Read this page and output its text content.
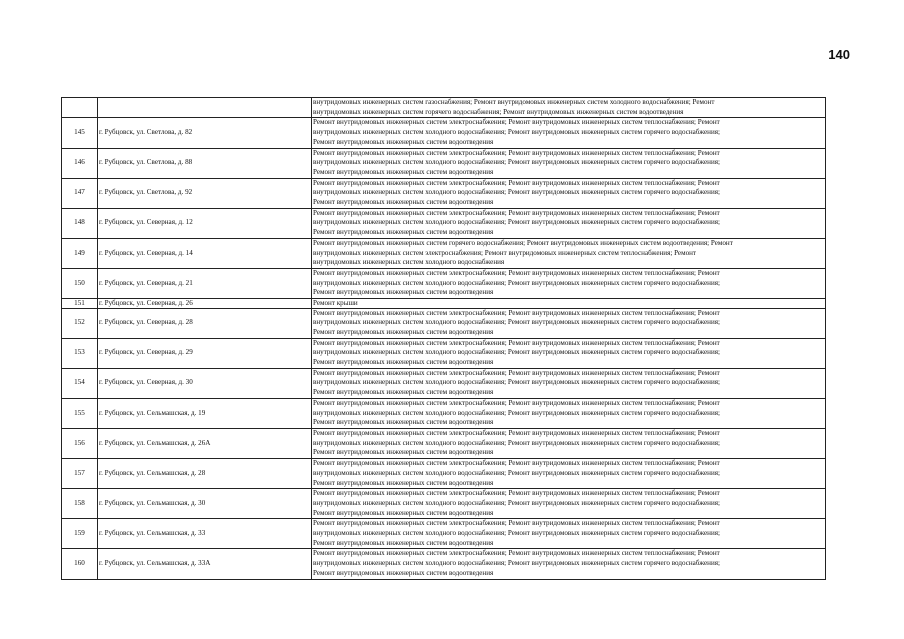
140

		внутридомовых инженерных систем газоснабжения; Ремонт внутридомовых инженерных систем холодного водоснабжения; Ремонт
внутридомовых инженерных систем горячего водоснабжения; Ремонт внутридомовых инженерных систем водоотведения

145	г. Рубцовск, ул. Светлова, д. 82	Ремонт внутридомовых инженерных систем электроснабжения; Ремонт внутридомовых инженерных систем теплоснабжения; Ремонт
внутридомовых инженерных систем холодного водоснабжения; Ремонт внутридомовых инженерных систем горячего водоснабжения;
Ремонт внутридомовых инженерных систем водоотведения

146	г. Рубцовск, ул. Светлова, д. 88	Ремонт внутридомовых инженерных систем электроснабжения; Ремонт внутридомовых инженерных систем теплоснабжения; Ремонт
внутридомовых инженерных систем холодного водоснабжения; Ремонт внутридомовых инженерных систем горячего водоснабжения;
Ремонт внутридомовых инженерных систем водоотведения

147	г. Рубцовск, ул. Светлова, д. 92	Ремонт внутридомовых инженерных систем электроснабжения; Ремонт внутридомовых инженерных систем теплоснабжения; Ремонт
внутридомовых инженерных систем холодного водоснабжения; Ремонт внутридомовых инженерных систем горячего водоснабжения;
Ремонт внутридомовых инженерных систем водоотведения

148	г. Рубцовск, ул. Северная, д. 12	Ремонт внутридомовых инженерных систем электроснабжения; Ремонт внутридомовых инженерных систем теплоснабжения; Ремонт
внутридомовых инженерных систем холодного водоснабжения; Ремонт внутридомовых инженерных систем горячего водоснабжения;
Ремонт внутридомовых инженерных систем водоотведения

149	г. Рубцовск, ул. Северная, д. 14	Ремонт внутридомовых инженерных систем горячего водоснабжения; Ремонт внутридомовых инженерных систем водоотведения; Ремонт
внутридомовых инженерных систем электроснабжения; Ремонт внутридомовых инженерных систем теплоснабжения; Ремонт
внутридомовых инженерных систем холодного водоснабжения

150	г. Рубцовск, ул. Северная, д. 21	Ремонт внутридомовых инженерных систем электроснабжения; Ремонт внутридомовых инженерных систем теплоснабжения; Ремонт
внутридомовых инженерных систем холодного водоснабжения; Ремонт внутридомовых инженерных систем горячего водоснабжения;
Ремонт внутридомовых инженерных систем водоотведения

151	г. Рубцовск, ул. Северная, д. 26	Ремонт крыши

152	г. Рубцовск, ул. Северная, д. 28	Ремонт внутридомовых инженерных систем электроснабжения; Ремонт внутридомовых инженерных систем теплоснабжения; Ремонт
внутридомовых инженерных систем холодного водоснабжения; Ремонт внутридомовых инженерных систем горячего водоснабжения;
Ремонт внутридомовых инженерных систем водоотведения

153	г. Рубцовск, ул. Северная, д. 29	Ремонт внутридомовых инженерных систем электроснабжения; Ремонт внутридомовых инженерных систем теплоснабжения; Ремонт
внутридомовых инженерных систем холодного водоснабжения; Ремонт внутридомовых инженерных систем горячего водоснабжения;
Ремонт внутридомовых инженерных систем водоотведения

154	г. Рубцовск, ул. Северная, д. 30	Ремонт внутридомовых инженерных систем электроснабжения; Ремонт внутридомовых инженерных систем теплоснабжения; Ремонт
внутридомовых инженерных систем холодного водоснабжения; Ремонт внутридомовых инженерных систем горячего водоснабжения;
Ремонт внутридомовых инженерных систем водоотведения

155	г. Рубцовск, ул. Сельмашская, д. 19	Ремонт внутридомовых инженерных систем электроснабжения; Ремонт внутридомовых инженерных систем теплоснабжения; Ремонт
внутридомовых инженерных систем холодного водоснабжения; Ремонт внутридомовых инженерных систем горячего водоснабжения;
Ремонт внутридомовых инженерных систем водоотведения

156	г. Рубцовск, ул. Сельмашская, д. 26А	Ремонт внутридомовых инженерных систем электроснабжения; Ремонт внутридомовых инженерных систем теплоснабжения; Ремонт
внутридомовых инженерных систем холодного водоснабжения; Ремонт внутридомовых инженерных систем горячего водоснабжения;
Ремонт внутридомовых инженерных систем водоотведения

157	г. Рубцовск, ул. Сельмашская, д. 28	Ремонт внутридомовых инженерных систем электроснабжения; Ремонт внутридомовых инженерных систем теплоснабжения; Ремонт
внутридомовых инженерных систем холодного водоснабжения; Ремонт внутридомовых инженерных систем горячего водоснабжения;
Ремонт внутридомовых инженерных систем водоотведения

158	г. Рубцовск, ул. Сельмашская, д. 30	Ремонт внутридомовых инженерных систем электроснабжения; Ремонт внутридомовых инженерных систем теплоснабжения; Ремонт
внутридомовых инженерных систем холодного водоснабжения; Ремонт внутридомовых инженерных систем горячего водоснабжения;
Ремонт внутридомовых инженерных систем водоотведения

159	г. Рубцовск, ул. Сельмашская, д. 33	Ремонт внутридомовых инженерных систем электроснабжения; Ремонт внутридомовых инженерных систем теплоснабжения; Ремонт
внутридомовых инженерных систем холодного водоснабжения; Ремонт внутридомовых инженерных систем горячего водоснабжения;
Ремонт внутридомовых инженерных систем водоотведения

160	г. Рубцовск, ул. Сельмашская, д. 33А	Ремонт внутридомовых инженерных систем электроснабжения; Ремонт внутридомовых инженерных систем теплоснабжения; Ремонт
внутридомовых инженерных систем холодного водоснабжения; Ремонт внутридомовых инженерных систем горячего водоснабжения;
Ремонт внутридомовых инженерных систем водоотведения
